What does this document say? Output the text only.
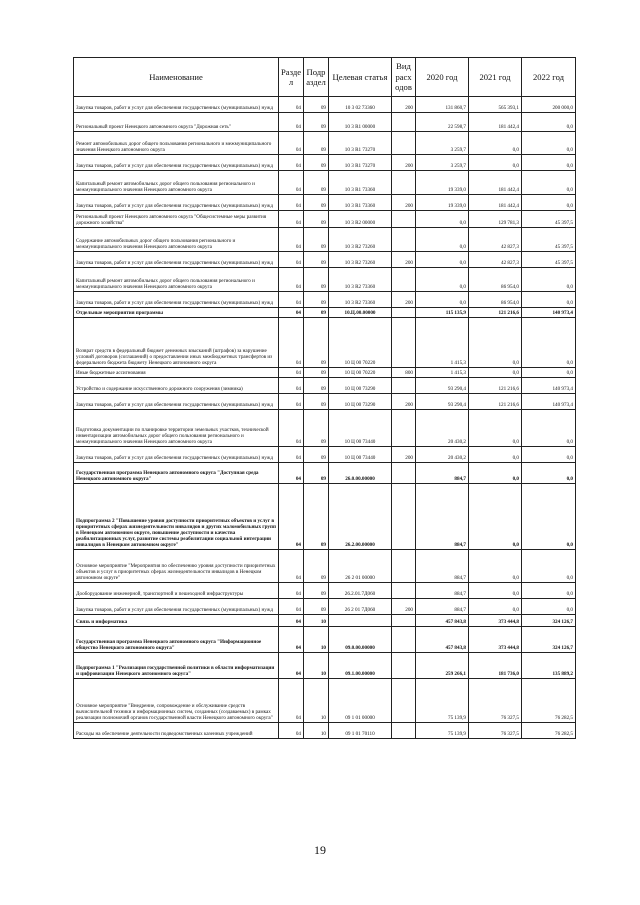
Наименование	Разде л	Подр аздел	Целевая статья	Вид расх одов	2020 год	2021 год	2022 год
Закупка товаров, работ и услуг для обеспечения государственных (муниципальных) нужд	04	09	10 3 02 73360	200	131 860,7	565 393,1	200 000,0
Региональный проект Ненецкого автономного округа "Дорожная сеть"	04	09	10 3 R1 00000		22 598,7	181 442,4	0,0
Ремонт автомобильных дорог общего пользования регионального и межмуниципального значения Ненецкого автономного округа	04	09	10 3 R1 73270		3 259,7	0,0	0,0
Закупка товаров, работ и услуг для обеспечения государственных (муниципальных) нужд	04	09	10 3 R1 73270	200	3 259,7	0,0	0,0
Капитальный ремонт автомобильных дорог общего пользования регионального и межмуниципального значения Ненецкого автономного округа	04	09	10 3 R1 73360		19 339,0	181 442,4	0,0
Закупка товаров, работ и услуг для обеспечения государственных (муниципальных) нужд	04	09	10 3 R1 73360	200	19 339,0	181 442,4	0,0
Региональный проект Ненецкого автономного округа "Общесистемные меры развития дорожного хозяйства"	04	09	10 3 R2 00000		0,0	129 781,3	45 397,5
Содержание автомобильных дорог общего пользования регионального и межмуниципального значения Ненецкого автономного округа	04	09	10 3 R2 73260		0,0	42 827,3	45 397,5
Закупка товаров, работ и услуг для обеспечения государственных (муниципальных) нужд	04	09	10 3 R2 73260	200	0,0	42 827,3	45 397,5
Капитальный ремонт автомобильных дорог общего пользования регионального и межмуниципального значения Ненецкого автономного округа	04	09	10 3 R2 73360		0,0	86 954,0	0,0
Закупка товаров, работ и услуг для обеспечения государственных (муниципальных) нужд	04	09	10 3 R2 73360	200	0,0	86 954,0	0,0
Отдельные мероприятия программы	04	09	10.Ц.00.00000		115 135,9	121 216,6	140 973,4
Возврат средств в федеральный бюджет денежных взысканий (штрафов) за нарушение условий договоров (соглашений) о предоставлении иных межбюджетных трансфертов из федерального бюджета бюджету Ненецкого автономного округа	04	09	10 Ц 00 70220		1 415,3	0,0	0,0
Иные бюджетные ассигнования	04	09	10 Ц 00 70220	800	1 415,3	0,0	0,0
Устройство и содержание искусственного дорожного сооружения (зимника)	04	09	10 Ц 00 73290		93 290,4	121 216,6	140 973,4
Закупка товаров, работ и услуг для обеспечения государственных (муниципальных) нужд	04	09	10 Ц 00 73290	200	93 290,4	121 216,6	140 973,4
Подготовка документации по планировке территории земельных участков, технической инвентаризации автомобильных дорог общего пользования регионального и межмуниципального значения Ненецкого автономного округа	04	09	10 Ц 00 73440		20 430,2	0,0	0,0
Закупка товаров, работ и услуг для обеспечения государственных (муниципальных) нужд	04	09	10 Ц 00 73440	200	20 430,2	0,0	0,0
Государственная программа Ненецкого автономного округа "Доступная среда Ненецкого автономного округа"	04	09	26.0.00.00000		884,7	0,0	0,0
Подпрограмма 2 "Повышение уровня доступности приоритетных объектов и услуг в приоритетных сферах жизнедеятельности инвалидов и других маломобильных групп в Ненецком автономном округе, повышение доступности и качества реабилитационных услуг, развитие системы реабилитации социальной интеграции инвалидов в Ненецком автономном округе"	04	09	26.2.00.00000		884,7	0,0	0,0
Основное мероприятие "Мероприятия по обеспечению уровня доступности приоритетных объектов и услуг в приоритетных сферах жизнедеятельности инвалидов в Ненецком автономном округе"	04	09	26 2 01 00000		884,7	0,0	0,0
Дооборудование инженерной, транспортной и пешеходной инфраструктуры	04	09	26.2.01.7Д060		884,7	0,0	0,0
Закупка товаров, работ и услуг для обеспечения государственных (муниципальных) нужд	04	09	26 2 01 7Д060	200	884,7	0,0	0,0
Связь и информатика	04	10			457 843,8	373 444,8	324 126,7
Государственная программа Ненецкого автономного округа "Информационное общество Ненецкого автономного округа"	04	10	09.0.00.00000		457 843,8	373 444,8	324 126,7
Подпрограмма 1 "Реализация государственной политики в области информатизации и цифровизации Ненецкого автономного округа"	04	10	09.1.00.00000		259 266,1	181 736,0	135 889,2
Основное мероприятие "Внедрение, сопровождение и обслуживание средств вычислительной техники и информационных систем, созданных (создаваемых) в рамках реализации полномочий органов государственной власти Ненецкого автономного округа"	04	10	09 1 01 00000		75 139,9	76 327,5	76 282,5
Расходы на обеспечение деятельности подведомственных казенных учреждений	04	10	09 1 01 70110		75 139,9	76 327,5	76 282,5
19
